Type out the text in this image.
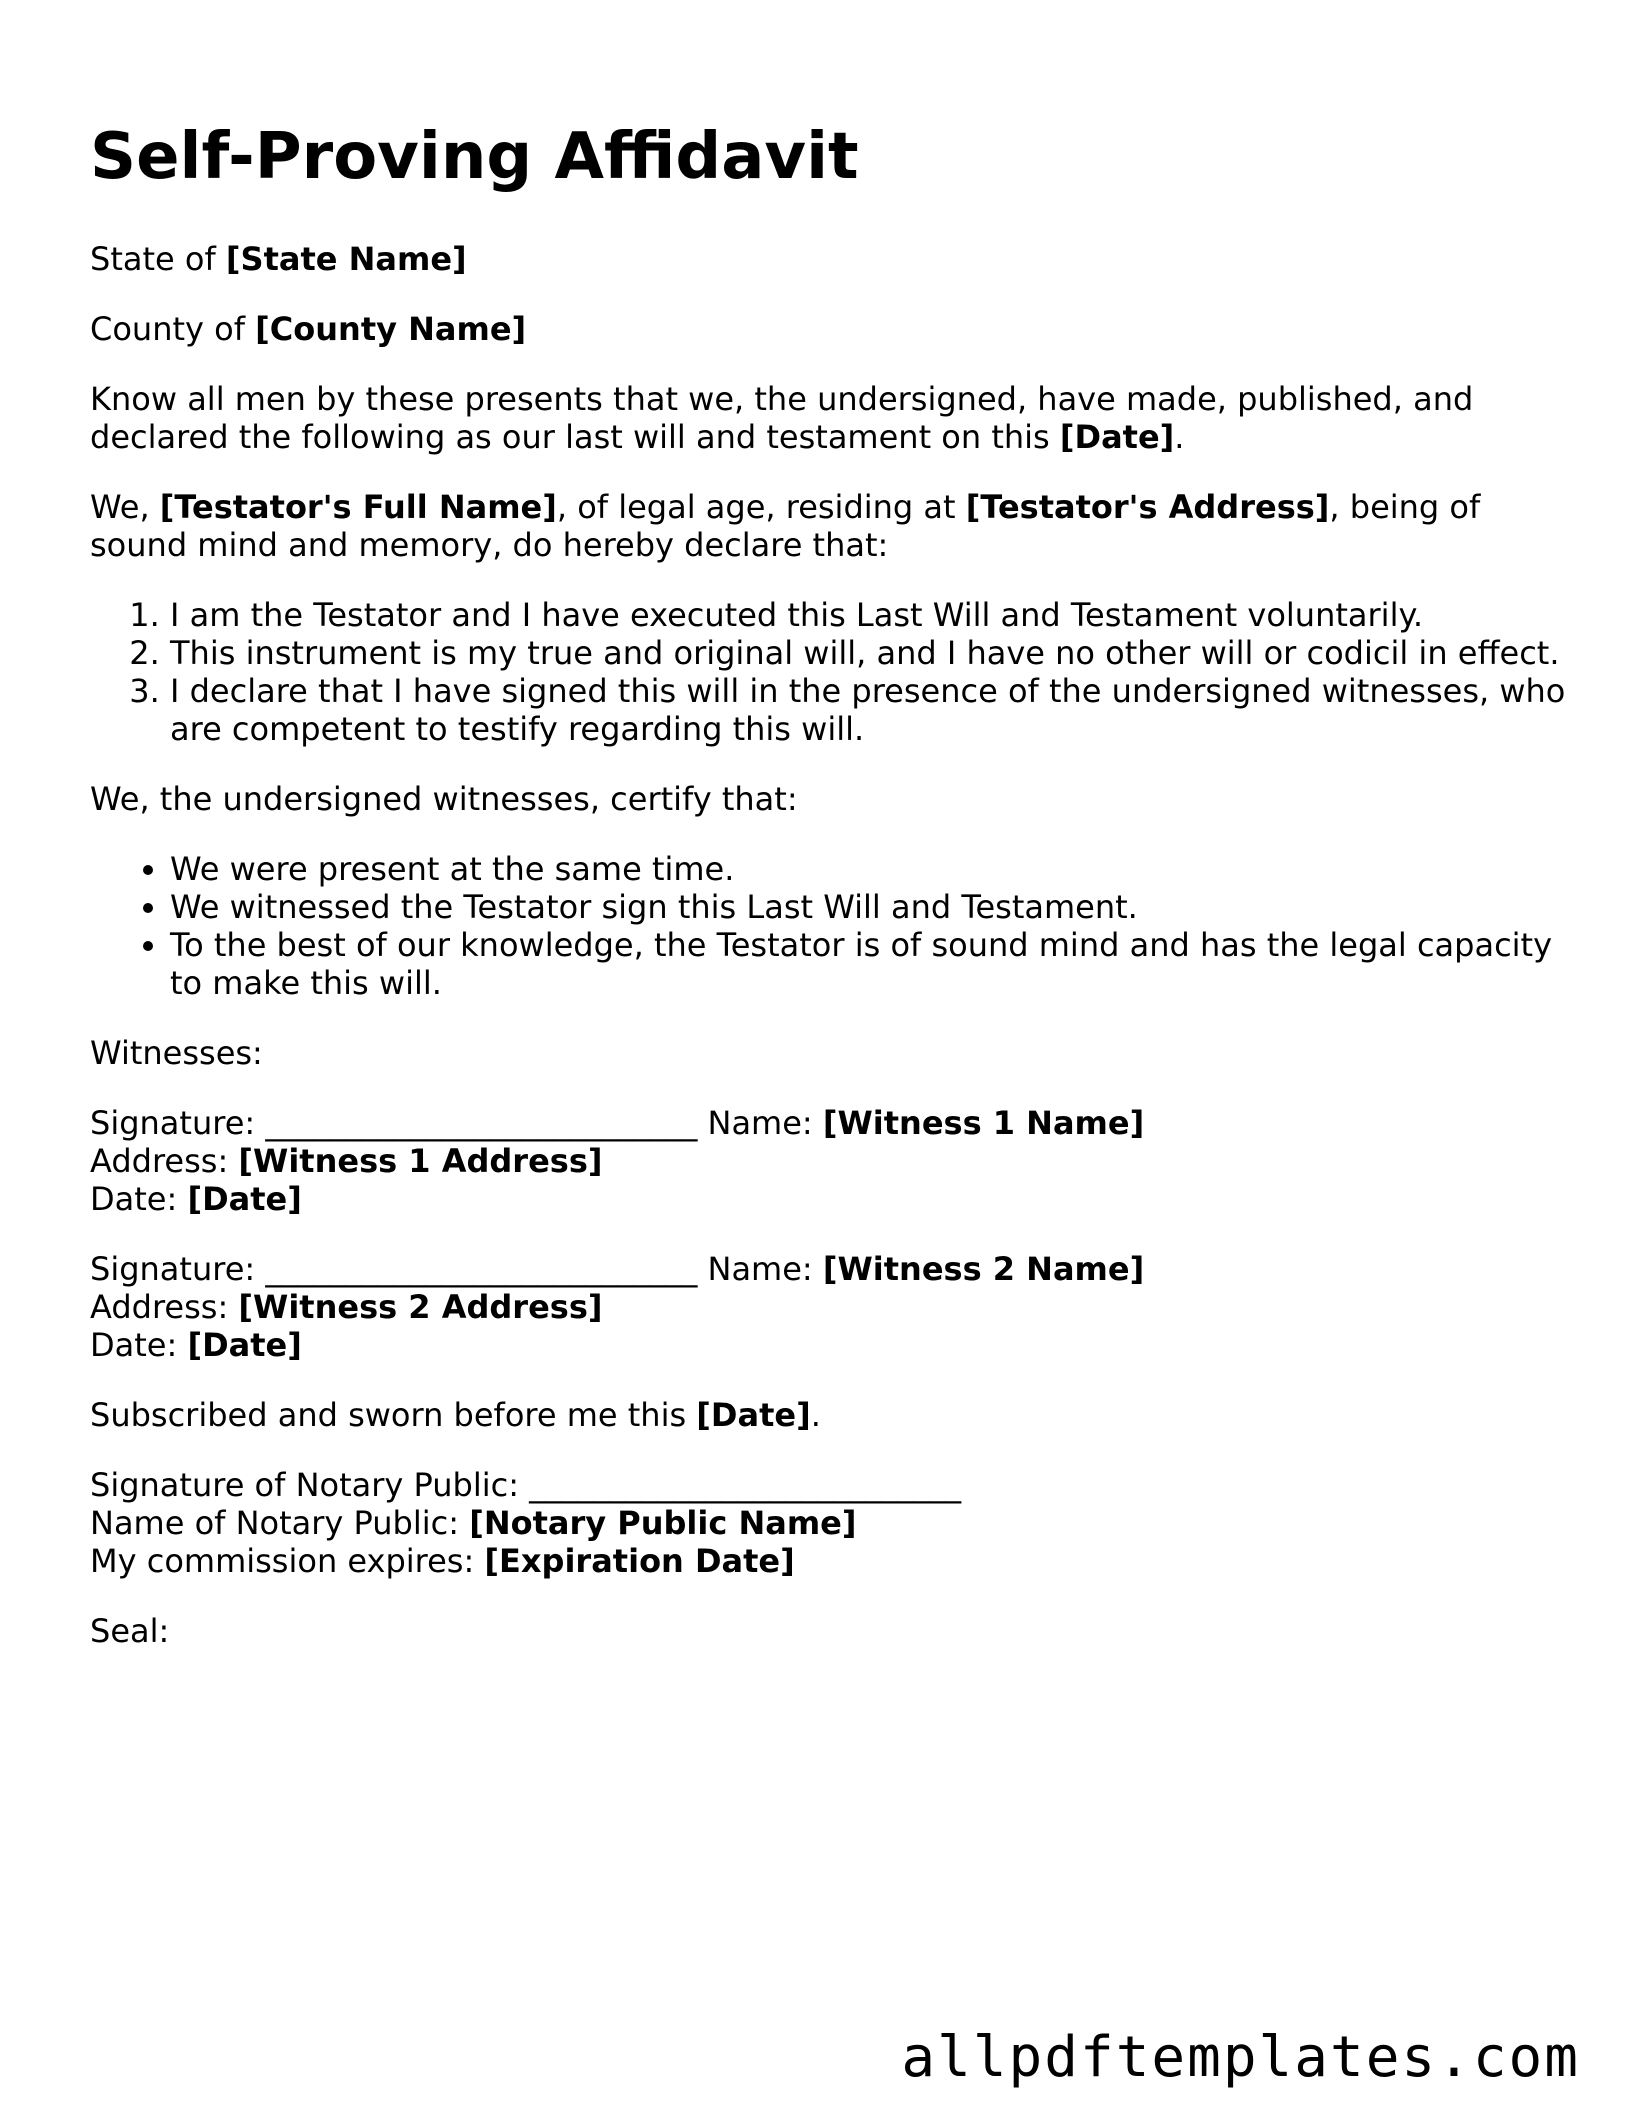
Self-Proving Affidavit

State of [State Name]

County of [County Name]

Know all men by these presents that we, the undersigned, have made, published, and declared the following as our last will and testament on this [Date].

We, [Testator's Full Name], of legal age, residing at [Testator's Address], being of sound mind and memory, do hereby declare that:

1. I am the Testator and I have executed this Last Will and Testament voluntarily.
2. This instrument is my true and original will, and I have no other will or codicil in effect.
3. I declare that I have signed this will in the presence of the undersigned witnesses, who are competent to testify regarding this will.

We, the undersigned witnesses, certify that:

• We were present at the same time.
• We witnessed the Testator sign this Last Will and Testament.
• To the best of our knowledge, the Testator is of sound mind and has the legal capacity to make this will.

Witnesses:

Signature: ___________________________ Name: [Witness 1 Name]
Address: [Witness 1 Address]
Date: [Date]

Signature: ___________________________ Name: [Witness 2 Name]
Address: [Witness 2 Address]
Date: [Date]

Subscribed and sworn before me this [Date].

Signature of Notary Public: ___________________________
Name of Notary Public: [Notary Public Name]
My commission expires: [Expiration Date]

Seal:

allpdftemplates.com
